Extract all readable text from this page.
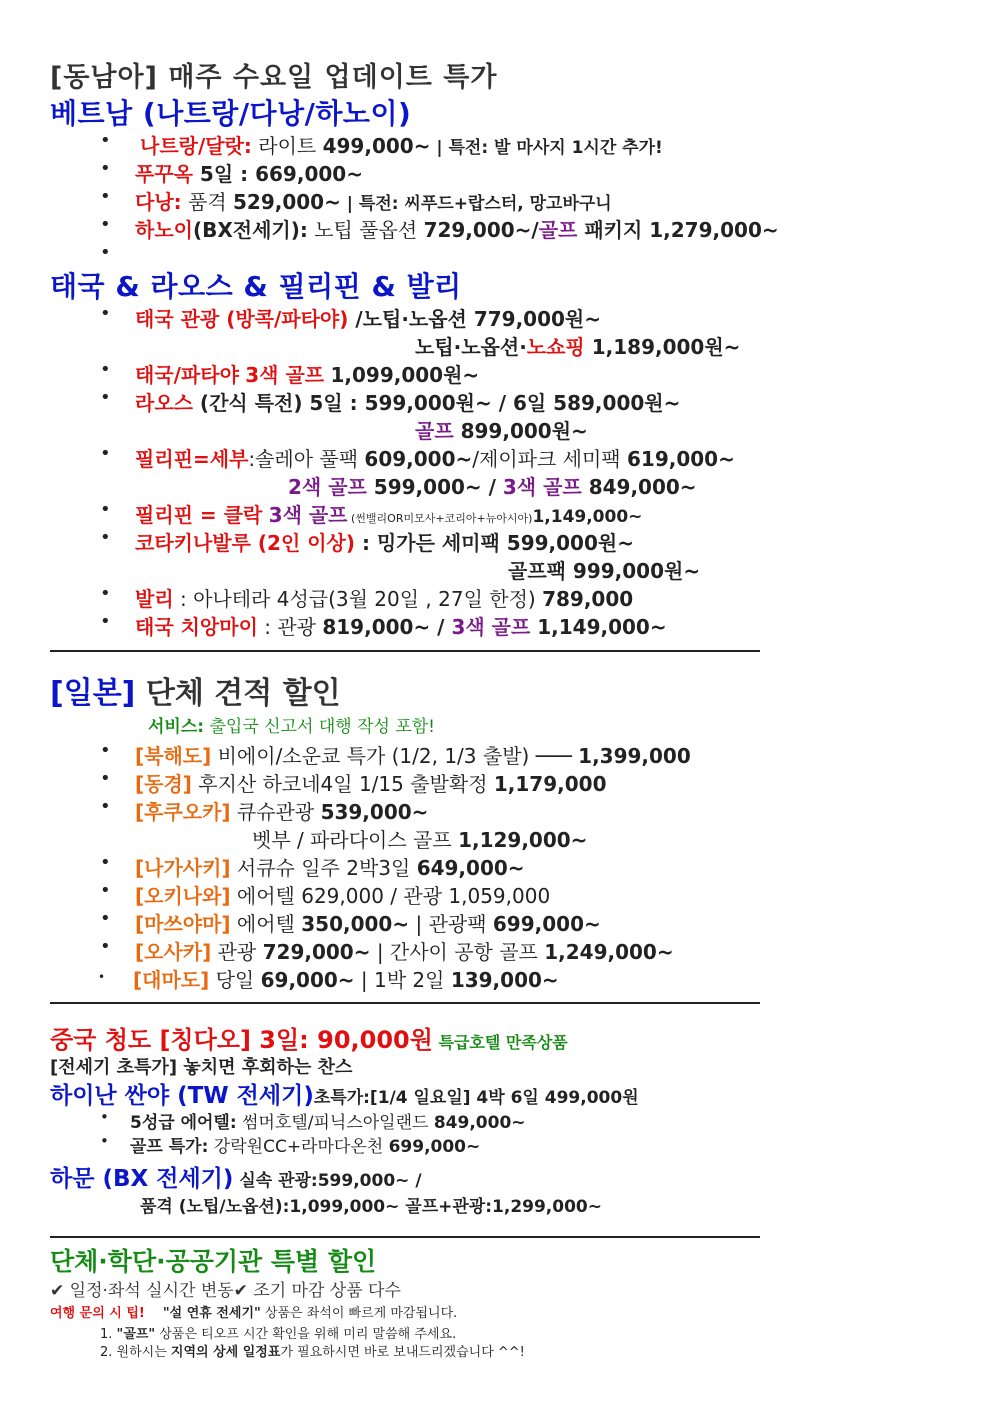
[동남아] 매주 수요일 업데이트 특가
베트남 (나트랑/다낭/하노이)
• 나트랑/달랏: 라이트 499,000~ | 특전: 발 마사지 1시간 추가!
• 푸꾸옥 5일 : 669,000~
• 다낭: 품격 529,000~ | 특전: 씨푸드+랍스터, 망고바구니
• 하노이(BX전세기): 노팁 풀옵션 729,000~/골프 패키지 1,279,000~
•
태국 & 라오스 & 필리핀 & 발리
• 태국 관광 (방콕/파타야) /노팁·노옵션 779,000원~
노팁·노옵션·노쇼핑 1,189,000원~
• 태국/파타야 3색 골프 1,099,000원~
• 라오스 (간식 특전) 5일 : 599,000원~ / 6일 589,000원~
골프 899,000원~
• 필리핀=세부:솔레아 풀팩 609,000~/제이파크 세미팩 619,000~
2색 골프 599,000~ / 3색 골프 849,000~
• 필리핀 = 클락 3색 골프 (썬밸리OR미모사+코리아+뉴아시아)1,149,000~
• 코타키나발루 (2인 이상) : 밍가든 세미팩 599,000원~
골프팩 999,000원~
• 발리 : 아나테라 4성급(3월 20일 , 27일 한정) 789,000
• 태국 치앙마이 : 관광 819,000~ / 3색 골프 1,149,000~
[일본] 단체 견적 할인
서비스: 출입국 신고서 대행 작성 포함!
• [북해도] 비에이/소운쿄 특가 (1/2, 1/3 출발) ─── 1,399,000
• [동경] 후지산 하코네4일 1/15 출발확정 1,179,000
• [후쿠오카] 큐슈관광 539,000~
벳부 / 파라다이스 골프 1,129,000~
• [나가사키] 서큐슈 일주 2박3일 649,000~
• [오키나와] 에어텔 629,000 / 관광 1,059,000
• [마쓰야마] 에어텔 350,000~ | 관광팩 699,000~
• [오사카] 관광 729,000~ | 간사이 공항 골프 1,249,000~
• [대마도] 당일 69,000~ | 1박 2일 139,000~
중국 청도 [칭다오] 3일: 90,000원 특급호텔 만족상품
[전세기 초특가] 놓치면 후회하는 찬스
하이난 싼야 (TW 전세기)초특가:[1/4 일요일] 4박 6일 499,000원
• 5성급 에어텔: 썸머호텔/피닉스아일랜드 849,000~
• 골프 특가: 강락원CC+라마다온천 699,000~
하문 (BX 전세기) 실속 관광:599,000~ /
품격 (노팁/노옵션):1,099,000~ 골프+관광:1,299,000~
단체·학단·공공기관 특별 할인
✔ 일정·좌석 실시간 변동✔ 조기 마감 상품 다수
여행 문의 시 팁! "설 연휴 전세기" 상품은 좌석이 빠르게 마감됩니다.
1. "골프" 상품은 티오프 시간 확인을 위해 미리 말씀해 주세요.
2. 원하시는 지역의 상세 일정표가 필요하시면 바로 보내드리겠습니다 ^^!
